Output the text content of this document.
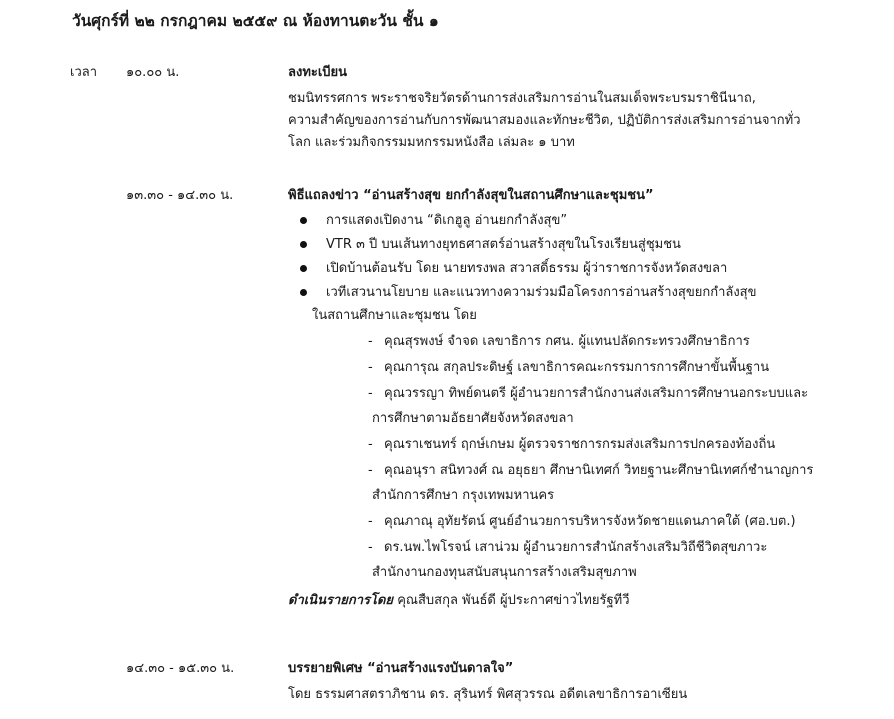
วันศุกร์ที่ ๒๒ กรกฎาคม ๒๕๕๙ ณ ห้องทานตะวัน ชั้น ๑
เวลา ๑๐.๐๐ น.	ลงทะเบียน
ชมนิทรรศการ พระราชจริยวัตรด้านการส่งเสริมการอ่านในสมเด็จพระบรมราชินีนาถ,
ความสำคัญของการอ่านกับการพัฒนาสมองและทักษะชีวิต, ปฏิบัติการส่งเสริมการอ่านจากทั่ว
โลก และร่วมกิจกรรมมหกรรมหนังสือ เล่มละ ๑ บาท
๑๓.๓๐ - ๑๔.๓๐ น.	พิธีแถลงข่าว “อ่านสร้างสุข ยกกำลังสุขในสถานศึกษาและชุมชน”
การแสดงเปิดงาน “ดิเกฮูลู อ่านยกกำลังสุข”
VTR ๓ ปี บนเส้นทางยุทธศาสตร์อ่านสร้างสุขในโรงเรียนสู่ชุมชน
เปิดบ้านต้อนรับ โดย นายทรงพล สวาสดิ์ธรรม ผู้ว่าราชการจังหวัดสงขลา
เวทีเสวนานโยบาย และแนวทางความร่วมมือโครงการอ่านสร้างสุขยกกำลังสุข
ในสถานศึกษาและชุมชน โดย
- คุณสุรพงษ์ จำจด เลขาธิการ กศน. ผู้แทนปลัดกระทรวงศึกษาธิการ
- คุณการุณ สกุลประดิษฐ์ เลขาธิการคณะกรรมการการศึกษาขั้นพื้นฐาน
- คุณวรรญา ทิพย์ดนตรี ผู้อำนวยการสำนักงานส่งเสริมการศึกษานอกระบบและ
การศึกษาตามอัธยาศัยจังหวัดสงขลา
- คุณราเชนทร์ ฤกษ์เกษม ผู้ตรวจราชการกรมส่งเสริมการปกครองท้องถิ่น
- คุณอนุรา สนิทวงศ์ ณ อยุธยา ศึกษานิเทศก์ วิทยฐานะศึกษานิเทศก์ชำนาญการ
สำนักการศึกษา กรุงเทพมหานคร
- คุณภาณุ อุทัยรัตน์ ศูนย์อำนวยการบริหารจังหวัดชายแดนภาคใต้ (ศอ.บต.)
- ดร.นพ.ไพโรจน์ เสาน่วม ผู้อำนวยการสำนักสร้างเสริมวิถีชีวิตสุขภาวะ
สำนักงานกองทุนสนับสนุนการสร้างเสริมสุขภาพ
ดำเนินรายการโดย คุณสืบสกุล พันธ์ดี ผู้ประกาศข่าวไทยรัฐทีวี
๑๔.๓๐ - ๑๕.๓๐ น.	บรรยายพิเศษ “อ่านสร้างแรงบันดาลใจ”
โดย ธรรมศาสตราภิชาน ดร. สุรินทร์ พิศสุวรรณ อดีตเลขาธิการอาเซียน
